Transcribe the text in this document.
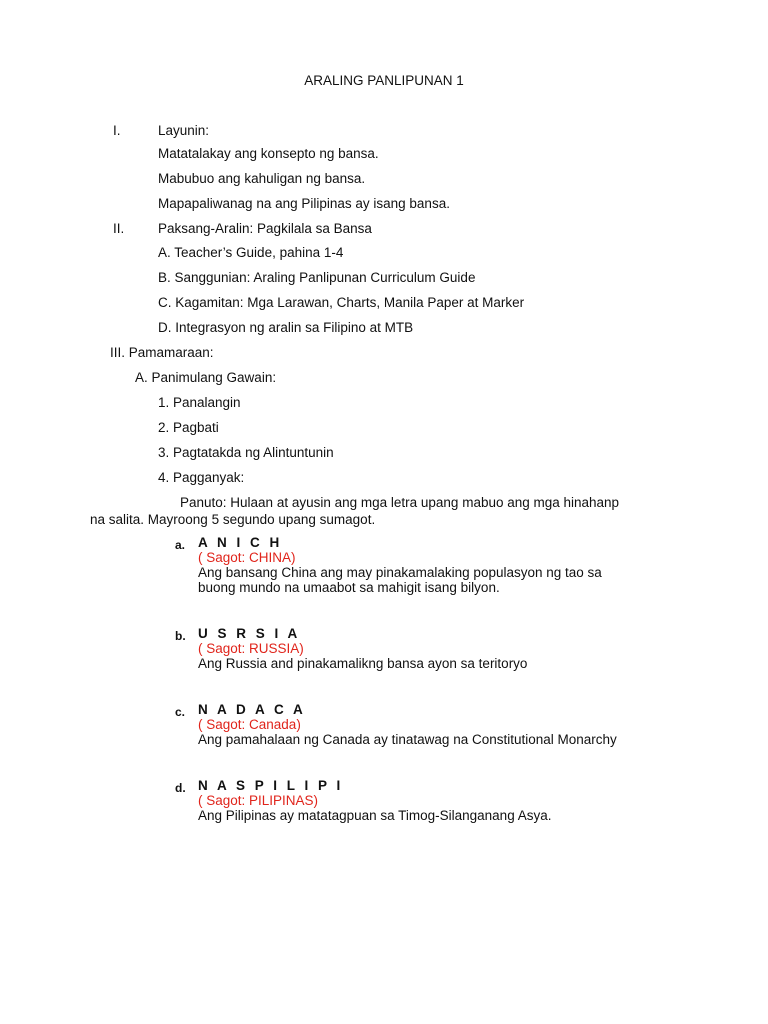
ARALING PANLIPUNAN 1
I.	Layunin:
Matatalakay ang konsepto ng bansa.
Mabubuo ang kahuligan ng bansa.
Mapapaliwanag na ang Pilipinas ay isang bansa.
II. Paksang-Aralin: Pagkilala sa Bansa
A. Teacher’s Guide, pahina 1-4
B. Sanggunian: Araling Panlipunan Curriculum Guide
C. Kagamitan: Mga Larawan, Charts, Manila Paper at Marker
D. Integrasyon ng aralin sa Filipino at MTB
III. Pamamaraan:
A. Panimulang Gawain:
1. Panalangin
2. Pagbati
3. Pagtatakda ng Alintuntunin
4. Pagganyak:
Panuto: Hulaan at ayusin ang mga letra upang mabuo ang mga hinahanp
na salita. Mayroong 5 segundo upang sumagot.
a. A N I C H
( Sagot: CHINA)
Ang bansang China ang may pinakamalaking populasyon ng tao sa
buong mundo na umaabot sa mahigit isang bilyon.
b. U S R S I A
( Sagot: RUSSIA)
Ang Russia and pinakamalikng bansa ayon sa teritoryo
c. N A D A C A
( Sagot: Canada)
Ang pamahalaan ng Canada ay tinatawag na Constitutional Monarchy
d. N A S P I L I P I
( Sagot: PILIPINAS)
Ang Pilipinas ay matatagpuan sa Timog-Silanganang Asya.
